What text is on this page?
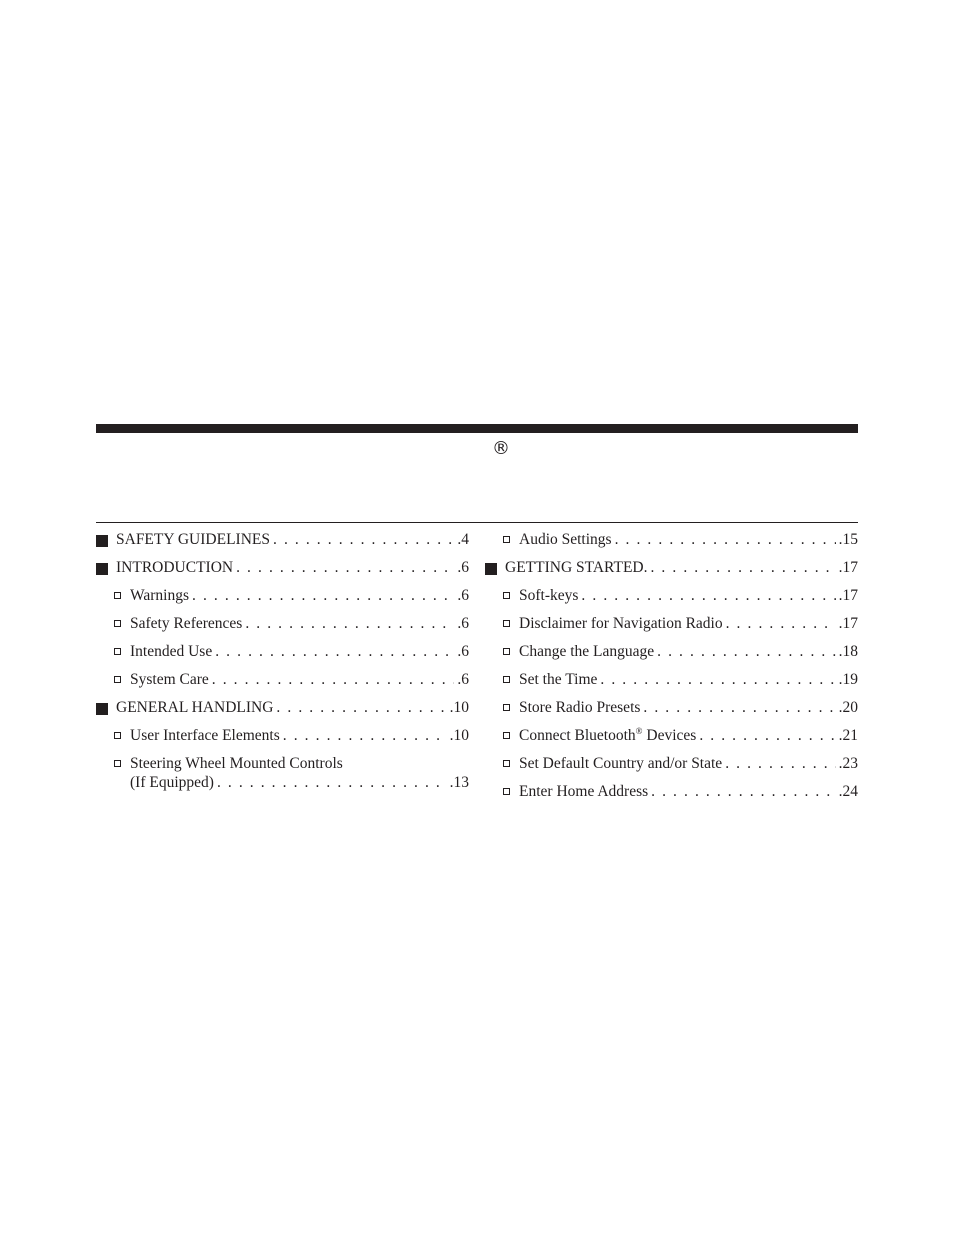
®
SAFETY GUIDELINES . . .	.4
INTRODUCTION . . .	.6
Warnings . . .	.6
Safety References . . .	.6
Intended Use . . .	.6
System Care . . .	.6
GENERAL HANDLING . . .	.10
User Interface Elements . . .	.10
Steering Wheel Mounted Controls
(If Equipped) . . .	.13
Audio Settings . . .	.15
GETTING STARTED. . . .	.17
Soft-keys . . .	.17
Disclaimer for Navigation Radio . . .	.17
Change the Language . . .	.18
Set the Time . . .	.19
Store Radio Presets . . .	.20
Connect Bluetooth® Devices . . .	.21
Set Default Country and/or State . . .	.23
Enter Home Address . . .	.24
